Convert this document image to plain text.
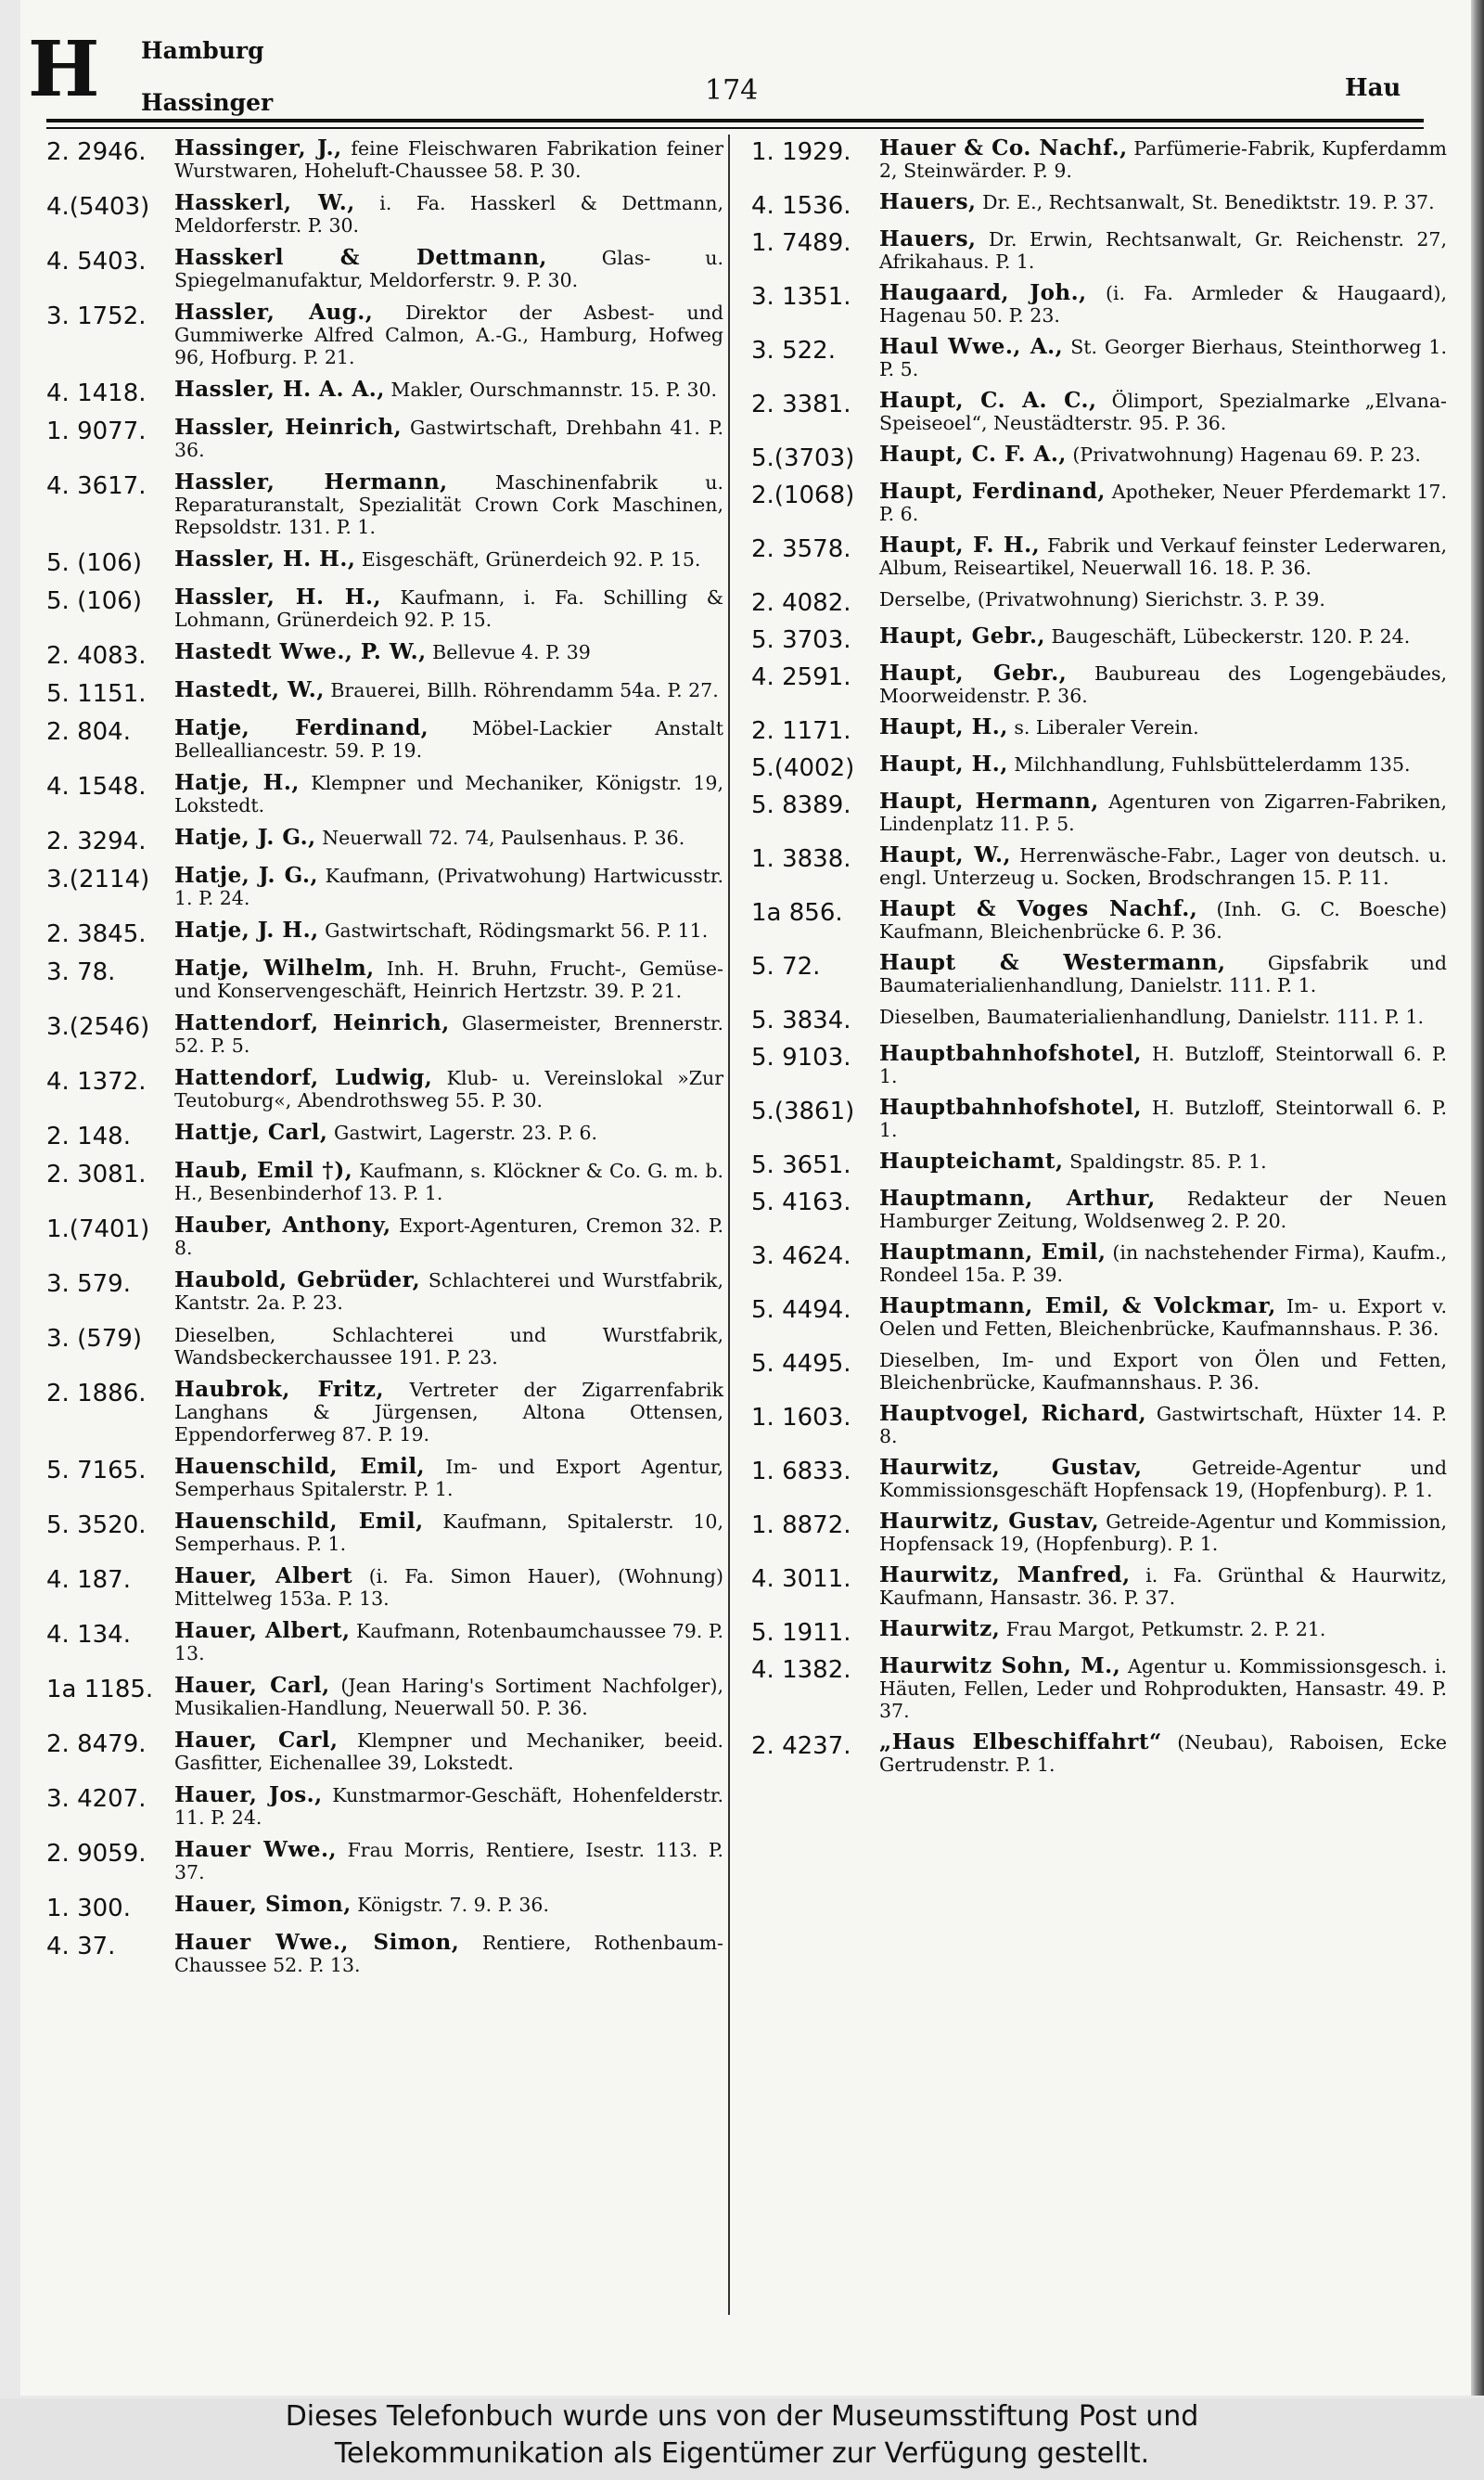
H	Hamburg
Hassinger	174	Hau
2. 2946.	Hassinger, J., feine Fleischwaren Fabrikation feiner Wurstwaren, Hoheluft-Chaussee 58. P. 30.
4.(5403)	Hasskerl, W., i. Fa. Hasskerl & Dettmann, Meldorferstr. P. 30.
4. 5403.	Hasskerl & Dettmann,	Glas- u. Spiegelmanufaktur, Meldorferstr. 9. P. 30.
3. 1752.	Hassler, Aug., Direktor der Asbest- und Gummiwerke Alfred Calmon, A.-G., Hamburg, Hofweg 96, Hofburg. P. 21.
4. 1418.	Hassler, H. A. A., Makler, Ourschmannstr. 15. P. 30.
1. 9077.	Hassler, Heinrich, Gastwirtschaft, Drehbahn 41. P. 36.
4. 3617.	Hassler, Hermann, Maschinenfabrik u. Reparaturanstalt, Spezialität Crown Cork Maschinen, Repsoldstr. 131. P. 1.
5. (106)	Hassler, H. H., Eisgeschäft, Grünerdeich 92. P. 15.
5. (106)	Hassler, H. H., Kaufmann, i. Fa. Schilling & Lohmann, Grünerdeich 92. P. 15.
2. 4083.	Hastedt Wwe., P. W., Bellevue 4. P. 39
5. 1151.	Hastedt, W., Brauerei, Billh. Röhrendamm 54a. P. 27.
2. 804.	Hatje, Ferdinand, Möbel-Lackier Anstalt Bellealliancestr. 59. P. 19.
4. 1548.	Hatje, H., Klempner und Mechaniker, Königstr. 19, Lokstedt.
2. 3294.	Hatje, J. G., Neuerwall 72. 74, Paulsenhaus. P. 36.
3.(2114)	Hatje, J. G., Kaufmann, (Privatwohung) Hartwicusstr. 1. P. 24.
2. 3845.	Hatje, J. H., Gastwirtschaft, Rödingsmarkt 56. P. 11.
3. 78.	Hatje, Wilhelm, Inh. H. Bruhn, Frucht-, Gemüse- und Konservengeschäft, Heinrich Hertzstr. 39. P. 21.
3.(2546)	Hattendorf, Heinrich, Glasermeister, Brennerstr. 52. P. 5.
4. 1372.	Hattendorf, Ludwig, Klub- u. Vereinslokal »Zur Teutoburg«, Abendrothsweg 55. P. 30.
2. 148.	Hattje, Carl, Gastwirt, Lagerstr. 23. P. 6.
2. 3081.	Haub, Emil †), Kaufmann, s. Klöckner & Co. G. m. b. H., Besenbinderhof 13. P. 1.
1.(7401)	Hauber, Anthony, Export-Agenturen, Cremon 32. P. 8.
3. 579.	Haubold, Gebrüder, Schlachterei und Wurstfabrik, Kantstr. 2a. P. 23.
3. (579)	Dieselben, Schlachterei und Wurstfabrik, Wandsbeckerchaussee 191. P. 23.
2. 1886.	Haubrok, Fritz, Vertreter der Zigarrenfabrik Langhans & Jürgensen, Altona Ottensen, Eppendorferweg 87. P. 19.
5. 7165.	Hauenschild, Emil, Im- und Export Agentur, Semperhaus Spitalerstr. P. 1.
5. 3520.	Hauenschild, Emil, Kaufmann, Spitalerstr. 10, Semperhaus. P. 1.
4. 187.	Hauer, Albert (i. Fa. Simon Hauer), (Wohnung) Mittelweg 153a. P. 13.
4. 134.	Hauer, Albert, Kaufmann, Rotenbaumchaussee 79. P. 13.
1a 1185. Hauer, Carl, (Jean Haring's Sortiment Nachfolger), Musikalien-Handlung, Neuerwall 50. P. 36.
2. 8479.	Hauer, Carl, Klempner und Mechaniker, beeid. Gasfitter, Eichenallee 39, Lokstedt.
3. 4207.	Hauer, Jos., Kunstmarmor-Geschäft, Hohenfelderstr. 11. P. 24.
2. 9059.	Hauer Wwe., Frau Morris, Rentiere, Isestr. 113. P. 37.
1. 300.	Hauer, Simon, Königstr. 7. 9. P. 36.
4. 37.	Hauer Wwe., Simon, Rentiere, Rothenbaum-Chaussee 52. P. 13.
1. 1929.	Hauer & Co. Nachf., Parfümerie-Fabrik, Kupferdamm 2, Steinwärder. P. 9.
4. 1536.	Hauers, Dr. E., Rechtsanwalt, St. Benediktstr. 19. P. 37.
1. 7489.	Hauers, Dr. Erwin, Rechtsanwalt, Gr. Reichenstr. 27, Afrikahaus. P. 1.
3. 1351.	Haugaard, Joh., (i. Fa. Armleder & Haugaard), Hagenau 50. P. 23.
3. 522.	Haul Wwe., A., St. Georger Bierhaus, Steinthorweg 1. P. 5.
2. 3381.	Haupt, C. A. C., Ölimport, Spezialmarke „Elvana-Speiseoel“, Neustädterstr. 95. P. 36.
5.(3703)	Haupt, C. F. A., (Privatwohnung) Hagenau 69. P. 23.
2.(1068)	Haupt, Ferdinand, Apotheker, Neuer Pferdemarkt 17. P. 6.
2. 3578.	Haupt, F. H., Fabrik und Verkauf feinster Lederwaren, Album, Reiseartikel, Neuerwall 16. 18. P. 36.
2. 4082.	Derselbe, (Privatwohnung) Sierichstr. 3. P. 39.
5. 3703.	Haupt, Gebr., Baugeschäft, Lübeckerstr. 120. P. 24.
4. 2591.	Haupt, Gebr., Baubureau des Logengebäudes, Moorweidenstr. P. 36.
2. 1171.	Haupt, H., s. Liberaler Verein.
5.(4002)	Haupt, H., Milchhandlung, Fuhlsbüttelerdamm 135.
5. 8389.	Haupt, Hermann, Agenturen von Zigarren-Fabriken, Lindenplatz 11. P. 5.
1. 3838.	Haupt, W., Herrenwäsche-Fabr., Lager von deutsch. u. engl. Unterzeug u. Socken, Brodschrangen 15. P. 11.
1a 856.	Haupt & Voges Nachf., (Inh. G. C. Boesche) Kaufmann, Bleichenbrücke 6. P. 36.
5. 72.	Haupt & Westermann, Gipsfabrik und Baumaterialienhandlung, Danielstr. 111. P. 1.
5. 3834.	Dieselben, Baumaterialienhandlung, Danielstr. 111. P. 1.
5. 9103.	Hauptbahnhofshotel, H. Butzloff, Steintorwall 6. P. 1.
5.(3861)	Hauptbahnhofshotel, H. Butzloff, Steintorwall 6. P. 1.
5. 3651.	Haupteichamt, Spaldingstr. 85. P. 1.
5. 4163.	Hauptmann, Arthur, Redakteur der Neuen Hamburger Zeitung, Woldsenweg 2. P. 20.
3. 4624.	Hauptmann, Emil, (in nachstehender Firma), Kaufm., Rondeel 15a. P. 39.
5. 4494.	Hauptmann, Emil, & Volckmar, Im- u. Export v. Oelen und Fetten, Bleichenbrücke, Kaufmannshaus. P. 36.
5. 4495.	Dieselben, Im- und Export von Ölen und Fetten, Bleichenbrücke, Kaufmannshaus. P. 36.
1. 1603.	Hauptvogel, Richard, Gastwirtschaft, Hüxter 14. P. 8.
1. 6833.	Haurwitz, Gustav,	Getreide-Agentur und Kommissionsgeschäft Hopfensack 19, (Hopfenburg). P. 1.
1. 8872.	Haurwitz, Gustav, Getreide-Agentur und Kommission, Hopfensack 19, (Hopfenburg). P. 1.
4. 3011.	Haurwitz, Manfred, i. Fa. Grünthal & Haurwitz, Kaufmann, Hansastr. 36. P. 37.
5. 1911.	Haurwitz, Frau Margot, Petkumstr. 2. P. 21.
4. 1382.	Haurwitz Sohn, M., Agentur u. Kommissionsgesch. i. Häuten, Fellen, Leder und Rohprodukten, Hansastr. 49. P. 37.
2. 4237.	„Haus Elbeschiffahrt“ (Neubau), Raboisen, Ecke Gertrudenstr. P. 1.
Dieses Telefonbuch wurde uns von der Museumsstiftung Post und
Telekommunikation als Eigentümer zur Verfügung gestellt.
